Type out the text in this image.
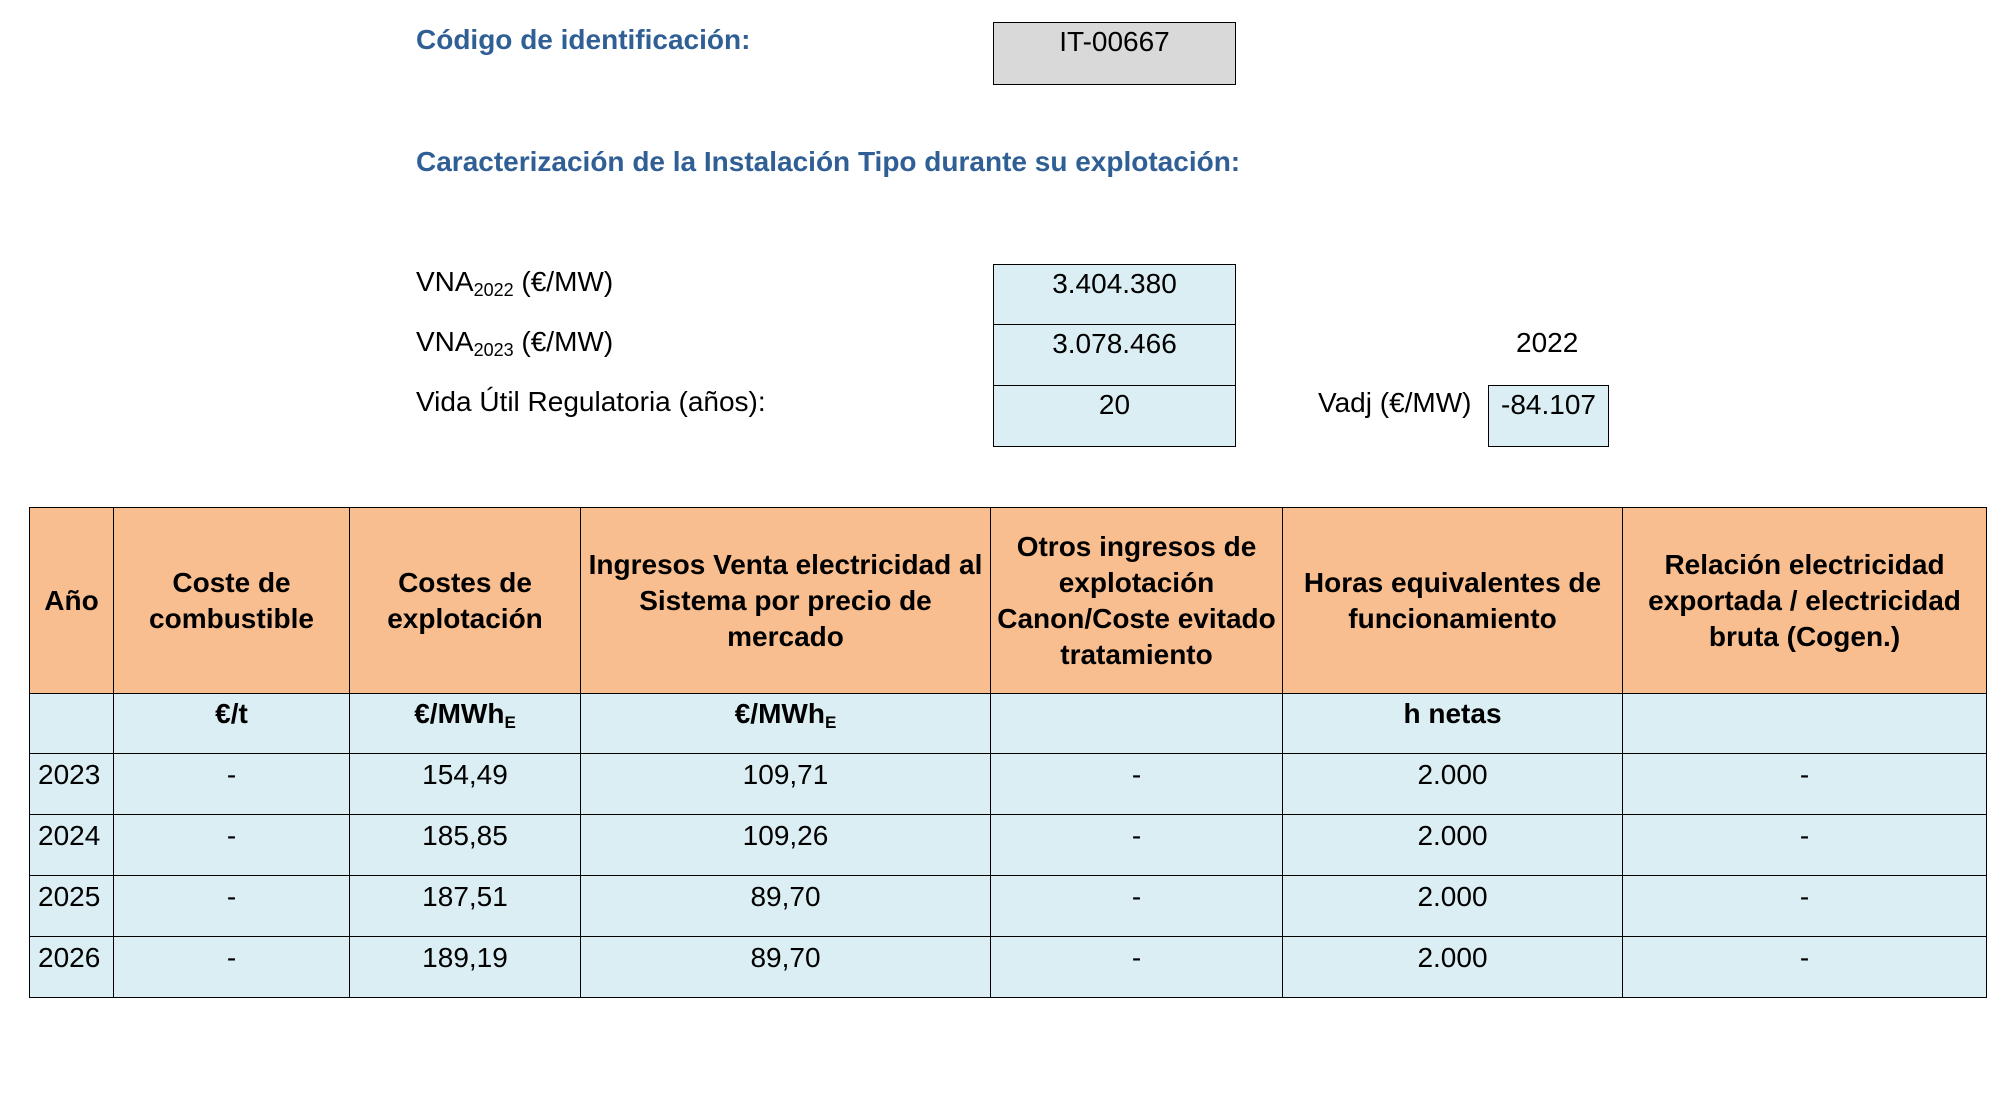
Código de identificación:	IT-00667
Caracterización de la Instalación Tipo durante su explotación:
$VNA_{2022}$ (€/MW)	3.404.380
$VNA_{2023}$ (€/MW)	3.078.466	2022
Vida Útil Regulatoria (años):	20	Vadj (€/MW)	-84.107
Año	Coste de combustible	Costes de explotación	Ingresos Venta electricidad al Sistema por precio de mercado	Otros ingresos de explotación Canon/Coste evitado tratamiento	Horas equivalentes de funcionamiento	Relación electricidad exportada / electricidad bruta (Cogen.)
	€/t	€/MWh$_E$	€/MWh$_E$		h netas	
2023	-	154,49	109,71	-	2.000	-
2024	-	185,85	109,26	-	2.000	-
2025	-	187,51	89,70	-	2.000	-
2026	-	189,19	89,70	-	2.000	-
